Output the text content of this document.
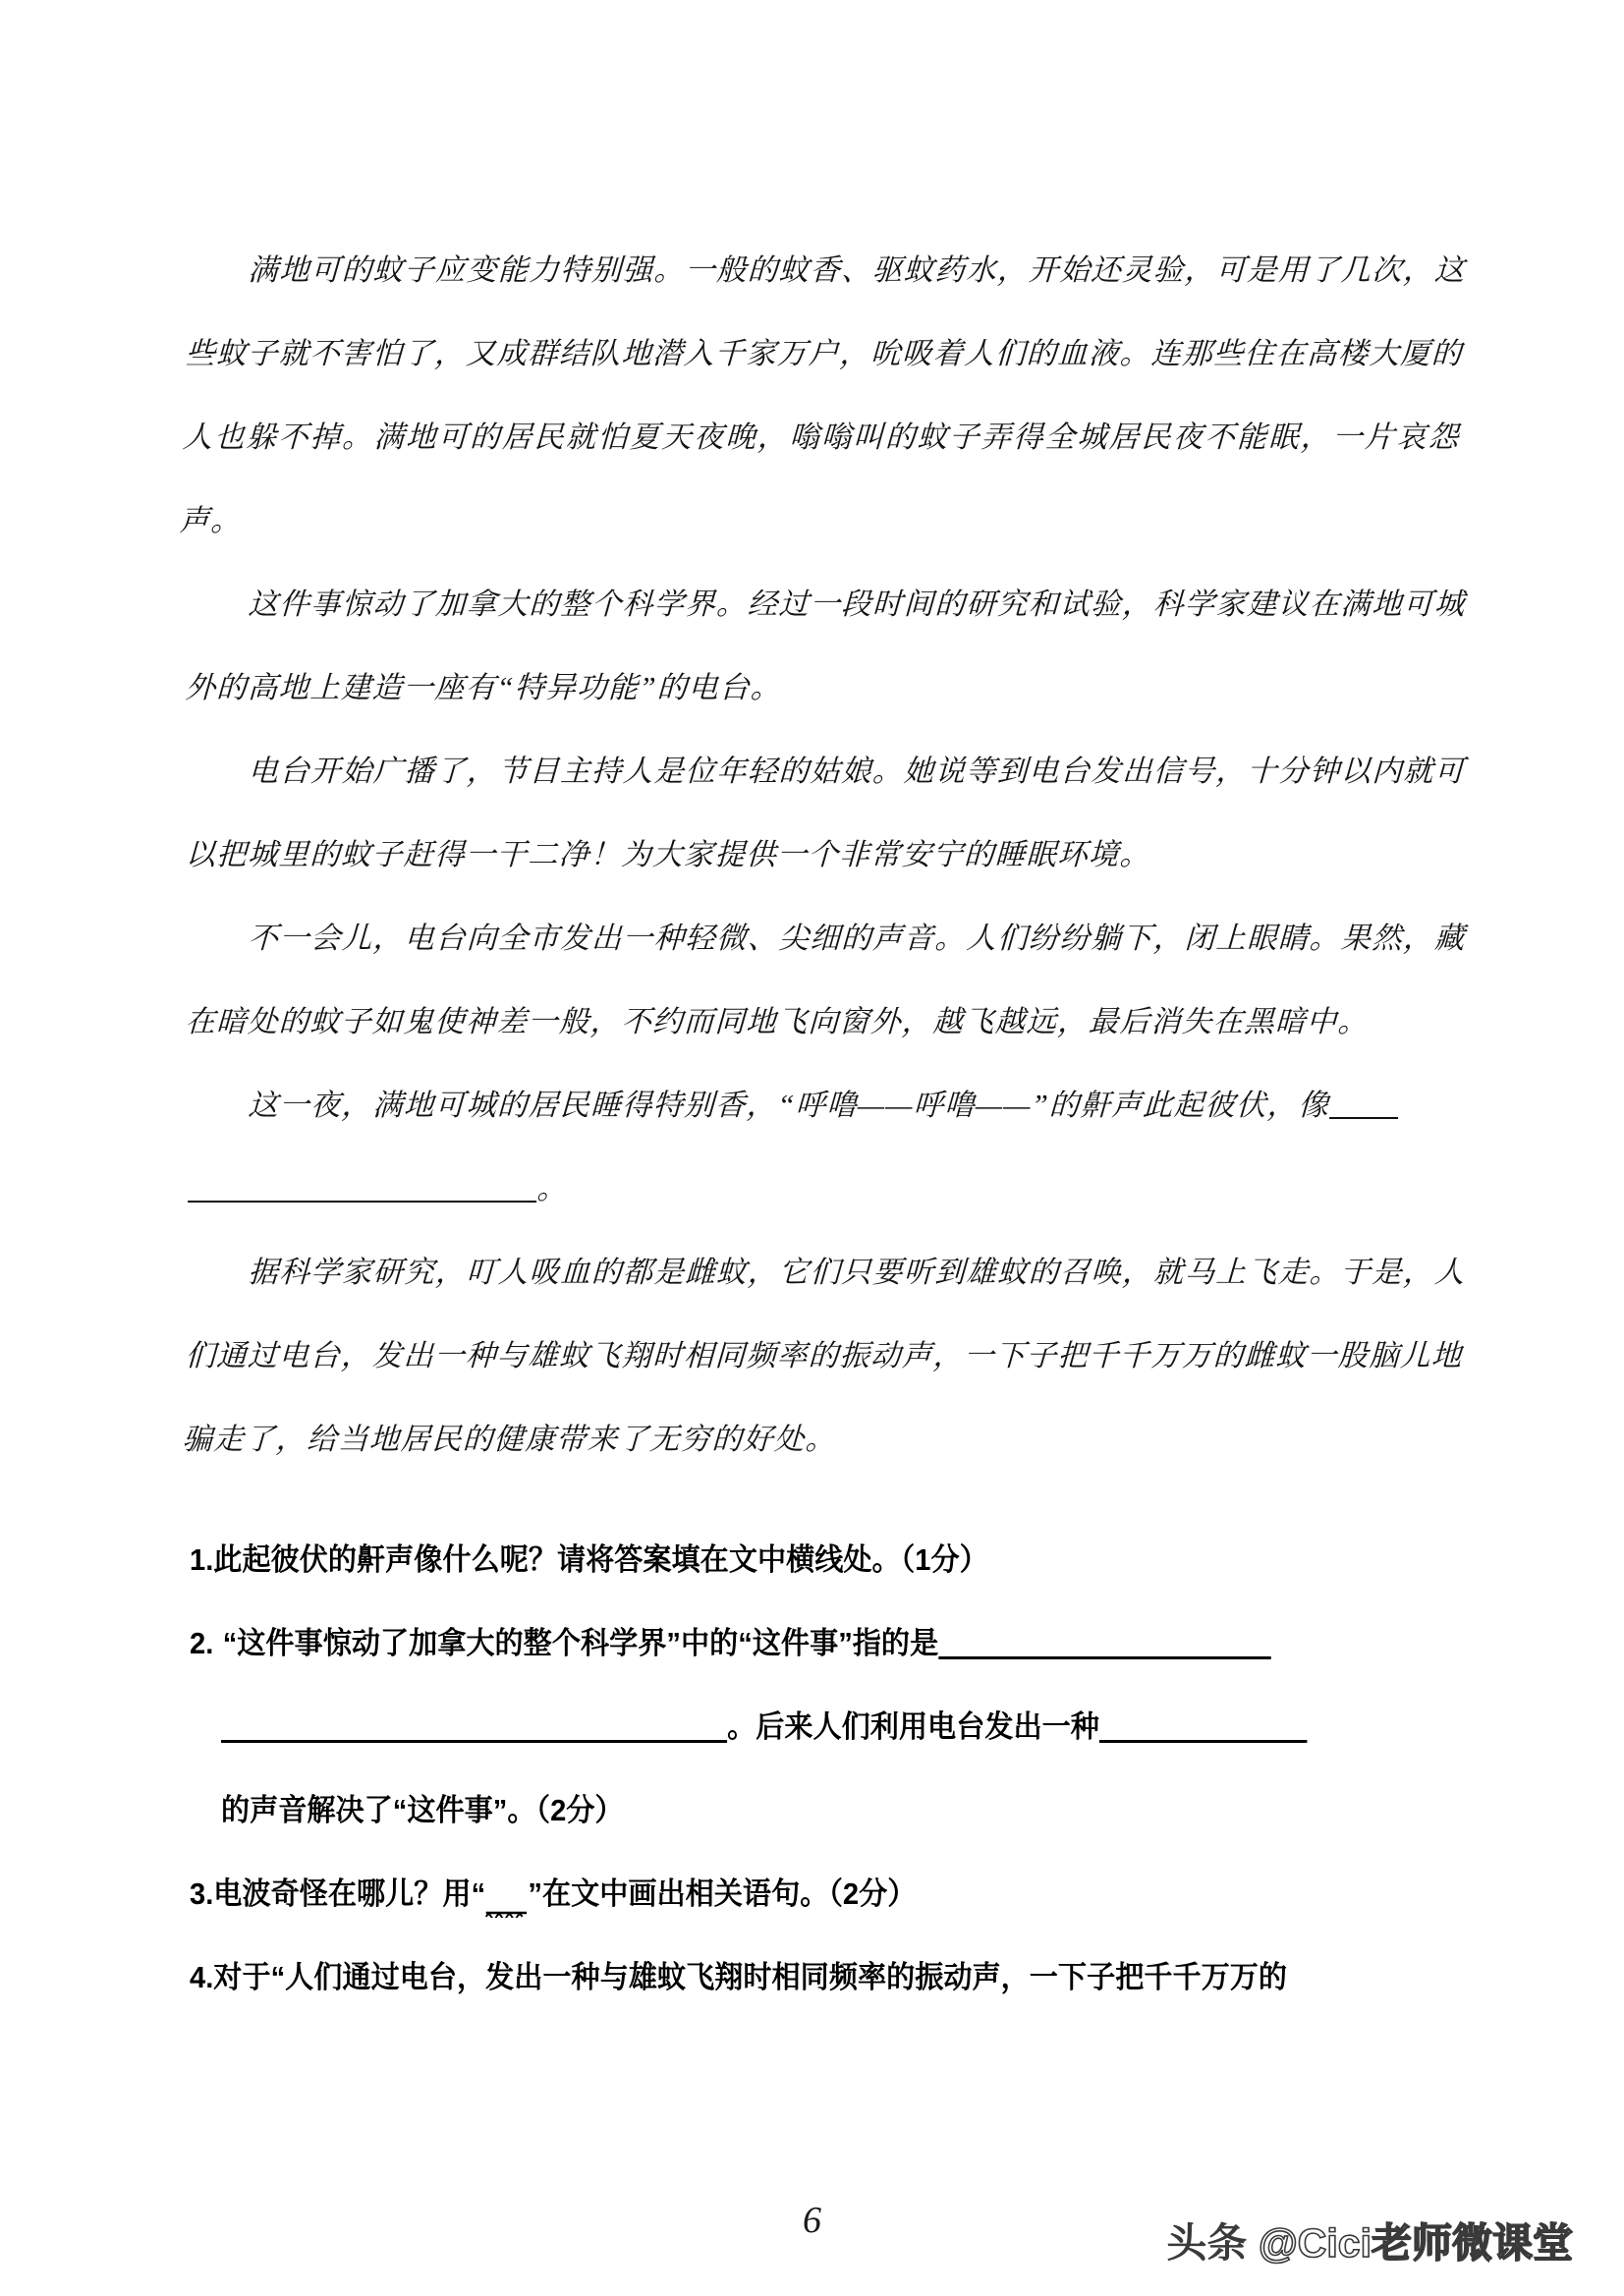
满地可的蚊子应变能力特别强。一般的蚊香、驱蚊药水，开始还灵验，可是用了几次，这些蚊子就不害怕了，又成群结队地潜入千家万户，吮吸着人们的血液。连那些住在高楼大厦的人也躲不掉。满地可的居民就怕夏天夜晚，嗡嗡叫的蚊子弄得全城居民夜不能眠，一片哀怨声。

这件事惊动了加拿大的整个科学界。经过一段时间的研究和试验，科学家建议在满地可城外的高地上建造一座有“特异功能”的电台。

电台开始广播了，节目主持人是位年轻的姑娘。她说等到电台发出信号，十分钟以内就可以把城里的蚊子赶得一干二净！为大家提供一个非常安宁的睡眠环境。

不一会儿，电台向全市发出一种轻微、尖细的声音。人们纷纷躺下，闭上眼睛。果然，藏在暗处的蚊子如鬼使神差一般，不约而同地飞向窗外，越飞越远，最后消失在黑暗中。

这一夜，满地可城的居民睡得特别香，“呼噜——呼噜——”的鼾声此起彼伏，像

。

据科学家研究，叮人吸血的都是雌蚊，它们只要听到雄蚊的召唤，就马上飞走。于是，人们通过电台，发出一种与雄蚊飞翔时相同频率的振动声，一下子把千千万万的雌蚊一股脑儿地骗走了，给当地居民的健康带来了无穷的好处。

1.此起彼伏的鼾声像什么呢？请将答案填在文中横线处。（1分）

2. “这件事惊动了加拿大的整个科学界”中的“这件事”指的是

。后来人们利用电台发出一种

的声音解决了“这件事”。（2分）

3.电波奇怪在哪儿？用“ ”在文中画出相关语句。（2分）

4.对于“人们通过电台，发出一种与雄蚊飞翔时相同频率的振动声，一下子把千千万万的

6	头条 @Cici老师微课堂
